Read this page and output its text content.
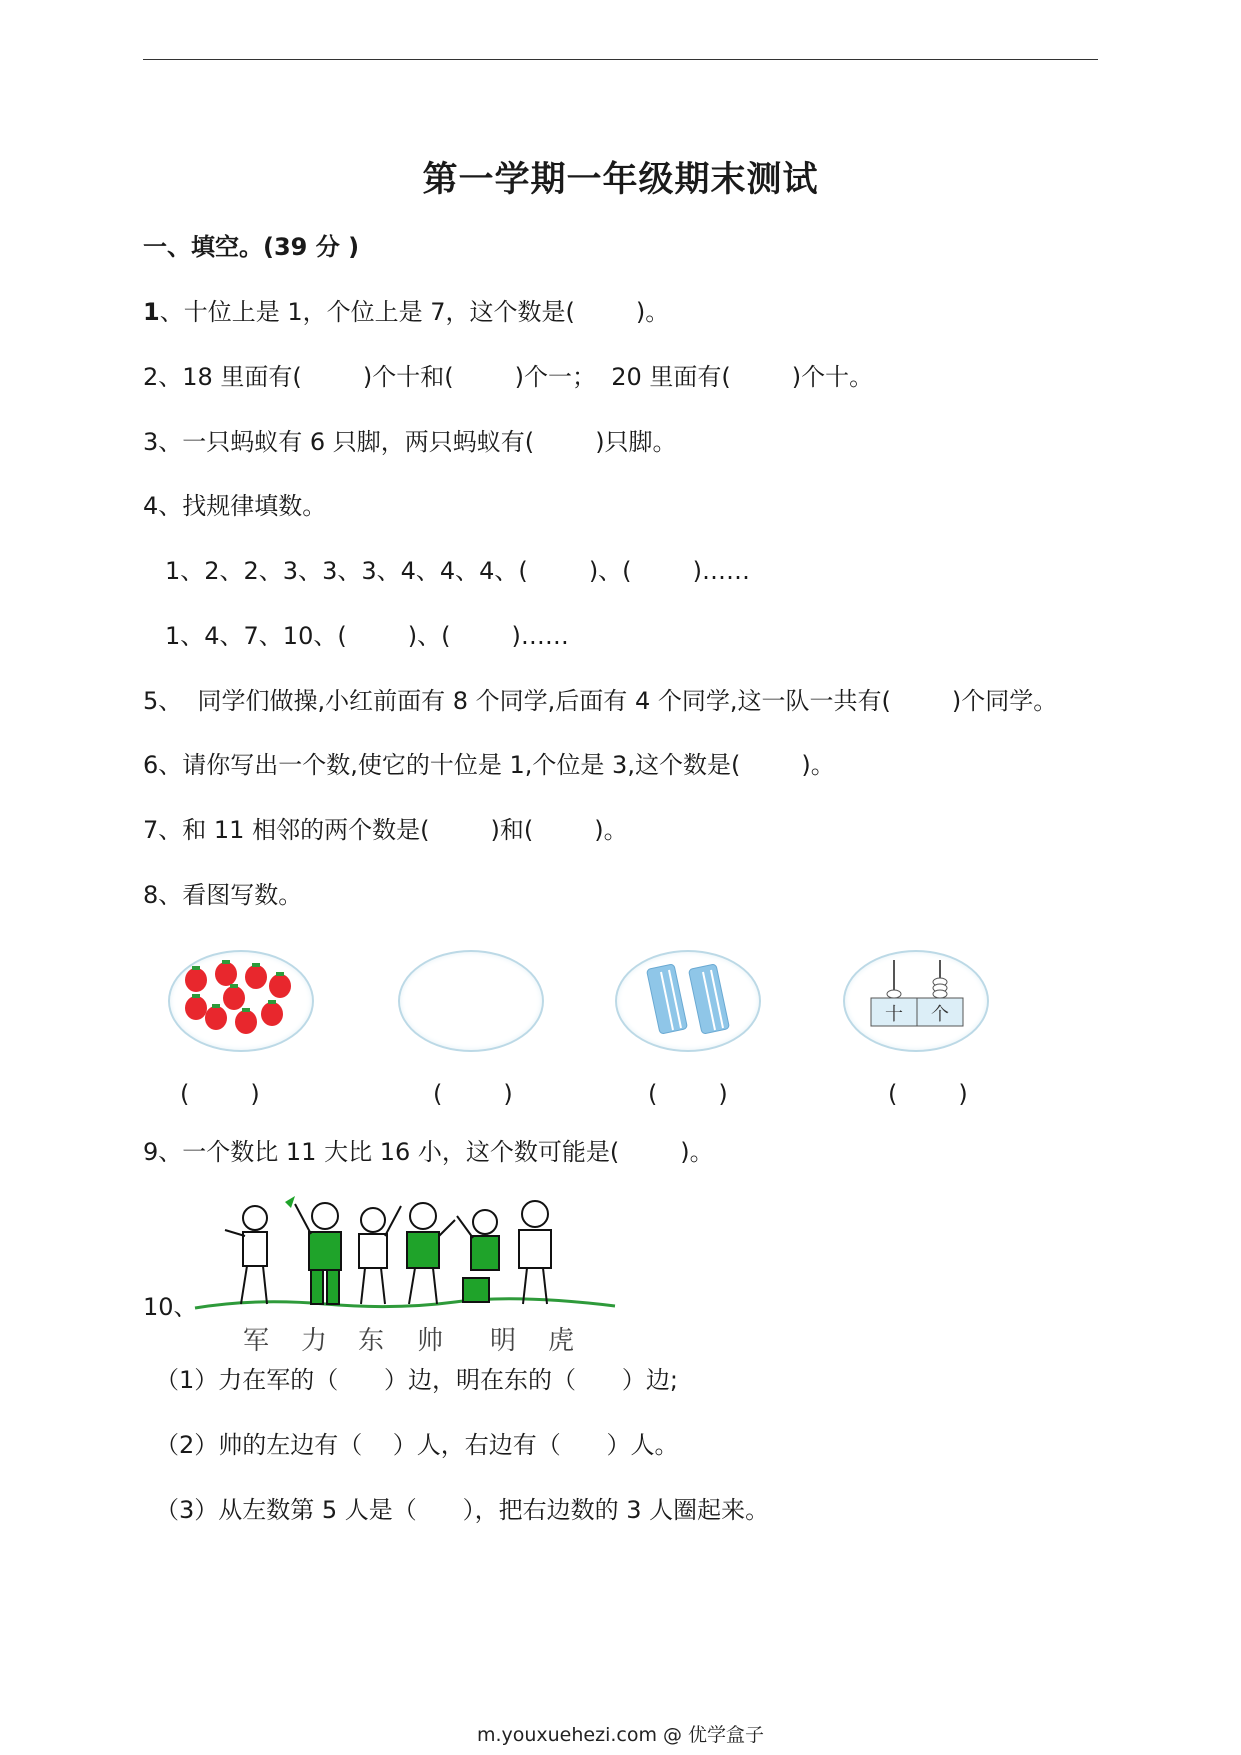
第一学期一年级期末测试
一、填空。(39 分 )
1、十位上是 1，个位上是 7，这个数是(        )。
2、18 里面有(        )个十和(        )个一；  20 里面有(        )个十。
3、一只蚂蚁有 6 只脚，两只蚂蚁有(        )只脚。
4、找规律填数。
1、2、2、3、3、3、4、4、4、(        )、(        )……
1、4、7、10、(        )、(        )……
5、  同学们做操,小红前面有 8 个同学,后面有 4 个同学,这一队一共有(        )个同学。
6、请你写出一个数,使它的十位是 1,个位是 3,这个数是(        )。
7、和 11 相邻的两个数是(        )和(        )。
8、看图写数。
十 个
(        )	(        )	(        )	(        )
9、一个数比 11 大比 16 小，这个数可能是(        )。
10、
军 力 东 帅 明 虎
（1）力在军的（      ）边，明在东的（      ）边;
（2）帅的左边有（    ）人，右边有（      ）人。
（3）从左数第 5 人是（      ），把右边数的 3 人圈起来。
m.youxuehezi.com @ 优学盒子
